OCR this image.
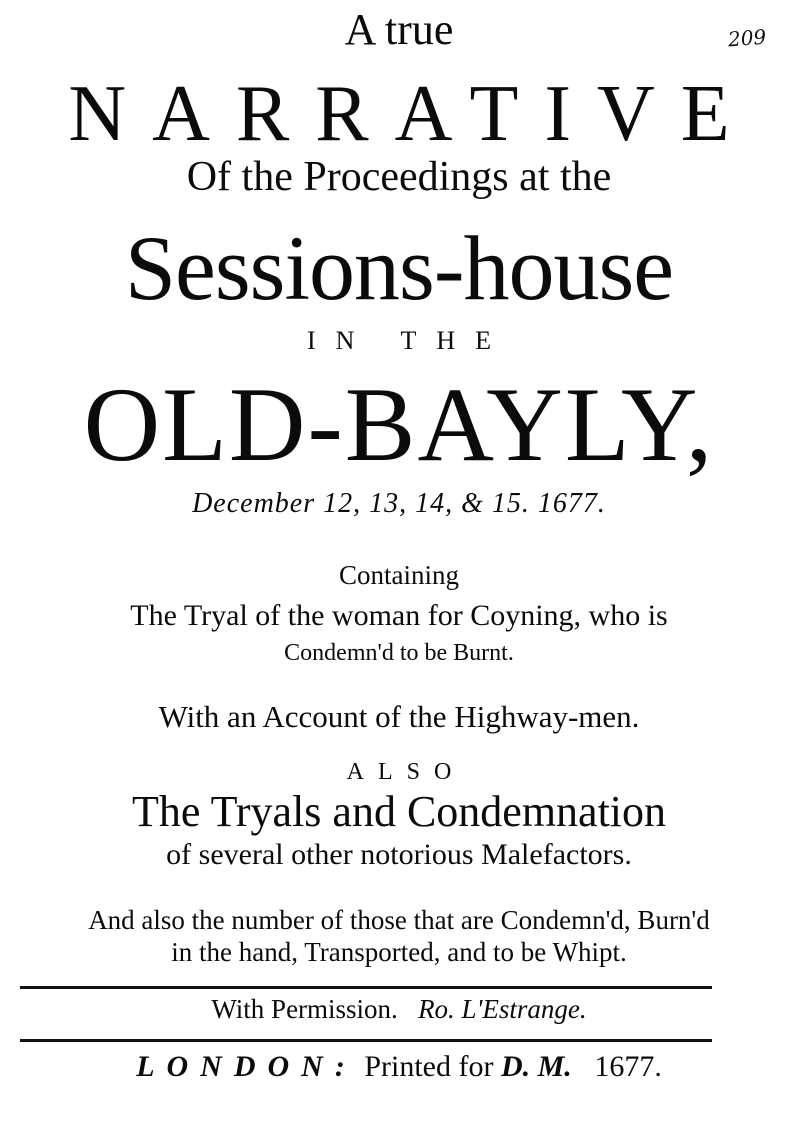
209
A true
NARRATIVE
Of the Proceedings at the
Sessions-house
IN THE
OLD-BAYLY,
December 12, 13, 14, & 15. 1677.
Containing
The Tryal of the woman for Coyning, who is
Condemn'd to be Burnt.
With an Account of the Highway-men.
ALSO
The Tryals and Condemnation
of several other notorious Malefactors.
And also the number of those that are Condemn'd, Burn'd
in the hand, Transported, and to be Whipt.
With Permission. Ro. L'Estrange.
LONDON: Printed for D. M. 1677.
